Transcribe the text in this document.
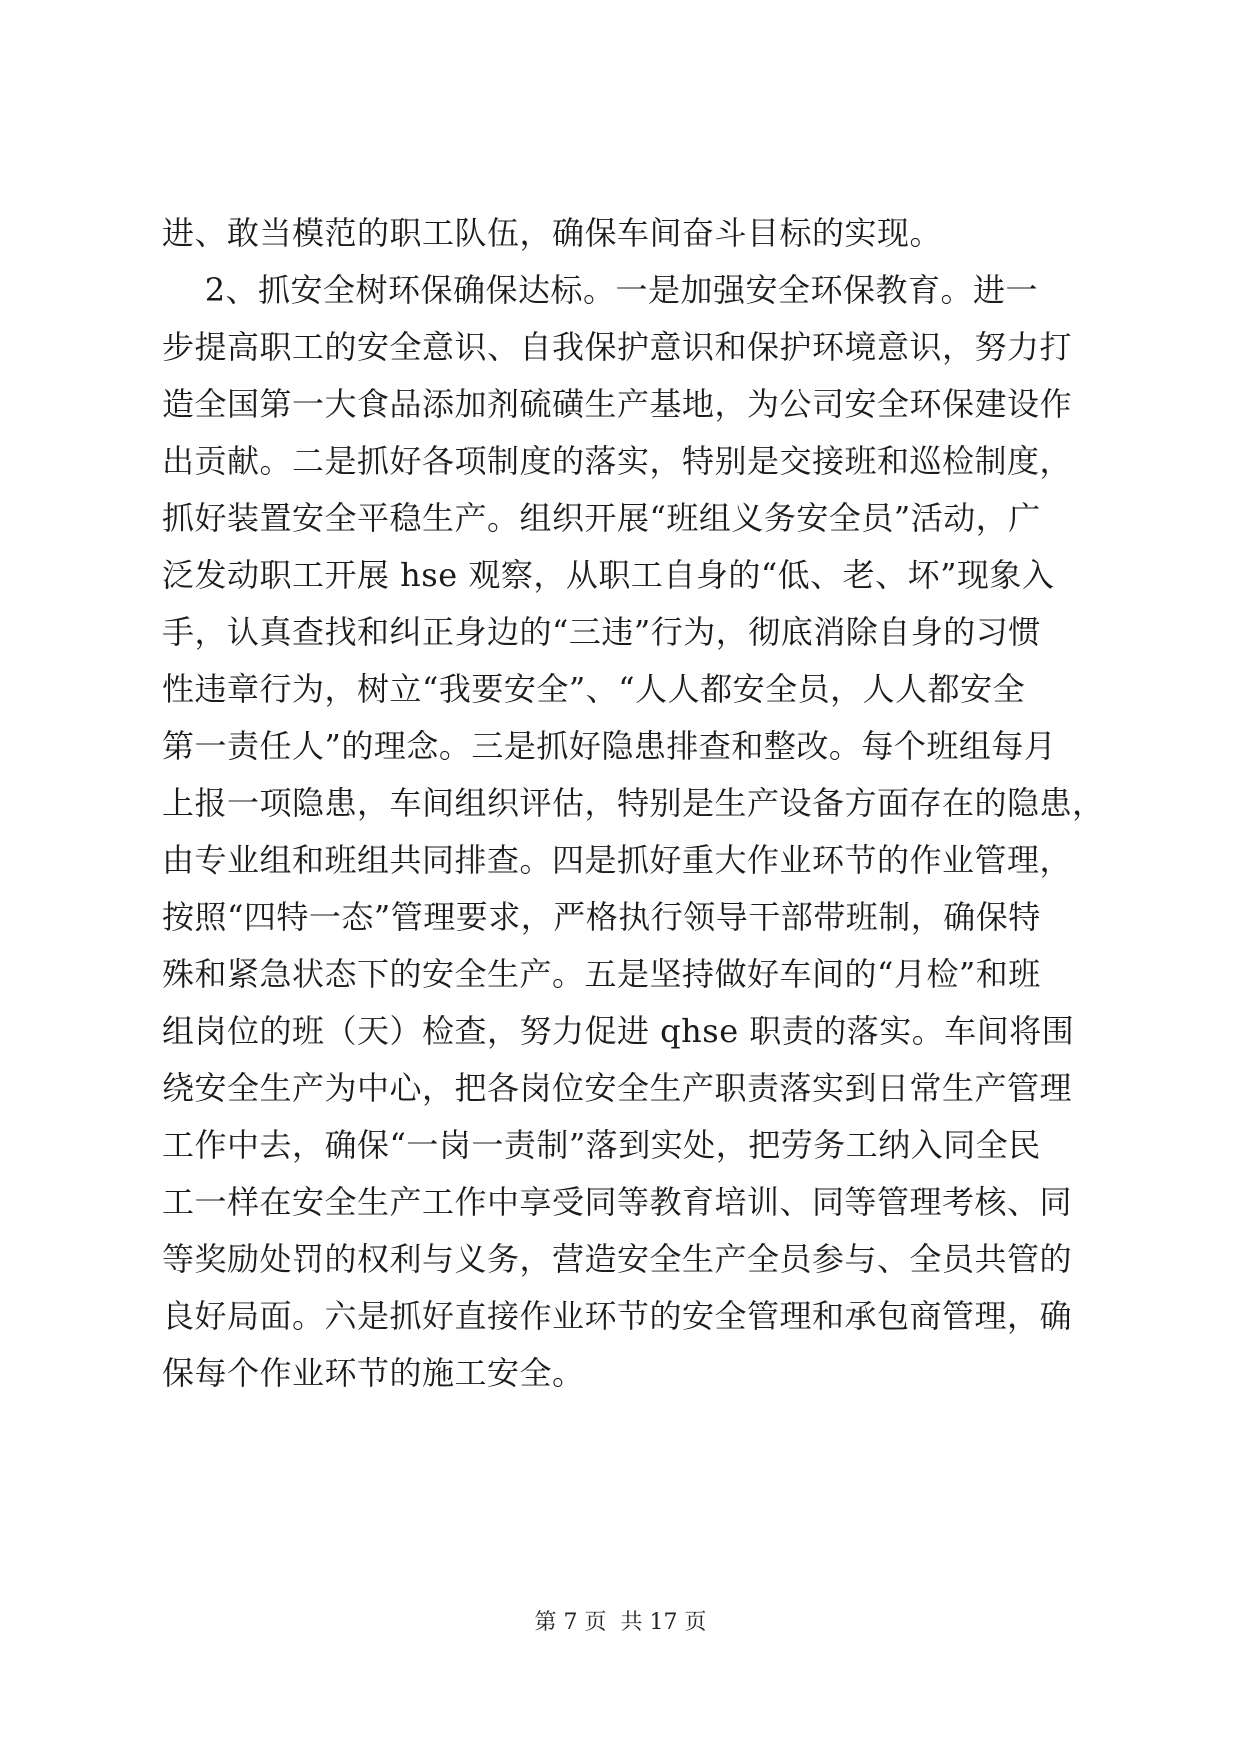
进、敢当模范的职工队伍，确保车间奋斗目标的实现。
2、抓安全树环保确保达标。一是加强安全环保教育。进一
步提高职工的安全意识、自我保护意识和保护环境意识，努力打
造全国第一大食品添加剂硫磺生产基地，为公司安全环保建设作
出贡献。二是抓好各项制度的落实，特别是交接班和巡检制度，
抓好装置安全平稳生产。组织开展“班组义务安全员”活动，广
泛发动职工开展 hse 观察，从职工自身的“低、老、坏”现象入
手，认真查找和纠正身边的“三违”行为，彻底消除自身的习惯
性违章行为，树立“我要安全”、“人人都安全员，人人都安全
第一责任人”的理念。三是抓好隐患排查和整改。每个班组每月
上报一项隐患，车间组织评估，特别是生产设备方面存在的隐患，
由专业组和班组共同排查。四是抓好重大作业环节的作业管理，
按照“四特一态”管理要求，严格执行领导干部带班制，确保特
殊和紧急状态下的安全生产。五是坚持做好车间的“月检”和班
组岗位的班（天）检查，努力促进 qhse 职责的落实。车间将围
绕安全生产为中心，把各岗位安全生产职责落实到日常生产管理
工作中去，确保“一岗一责制”落到实处，把劳务工纳入同全民
工一样在安全生产工作中享受同等教育培训、同等管理考核、同
等奖励处罚的权利与义务，营造安全生产全员参与、全员共管的
良好局面。六是抓好直接作业环节的安全管理和承包商管理，确
保每个作业环节的施工安全。
第 7 页  共 17 页
